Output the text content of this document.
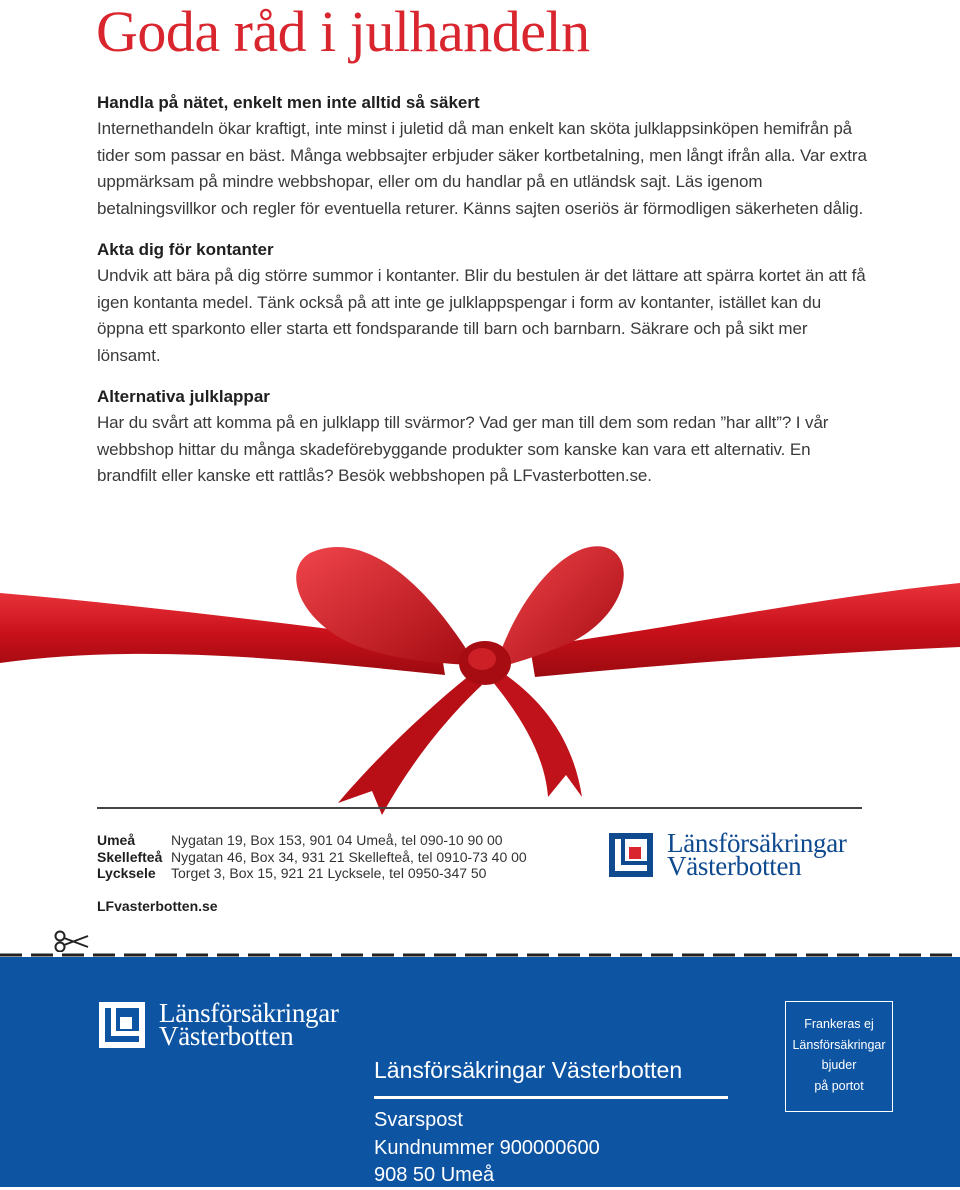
Goda råd i julhandeln
Handla på nätet, enkelt men inte alltid så säkert

Internethandeln ökar kraftigt, inte minst i juletid då man enkelt kan sköta julklappsinköpen hemifrån på tider som passar en bäst. Många webbsajter erbjuder säker kortbetalning, men långt ifrån alla. Var extra uppmärksam på mindre webbshopar, eller om du handlar på en utländsk sajt. Läs igenom betalningsvillkor och regler för eventuella returer. Känns sajten oseriös är förmodligen säkerheten dålig.

Akta dig för kontanter

Undvik att bära på dig större summor i kontanter. Blir du bestulen är det lättare att spärra kortet än att få igen kontanta medel. Tänk också på att inte ge julklappspengar i form av kontanter, istället kan du öppna ett sparkonto eller starta ett fondsparande till barn och barnbarn. Säkrare och på sikt mer lönsamt.

Alternativa julklappar

Har du svårt att komma på en julklapp till svärmor? Vad ger man till dem som redan ”har allt”? I vår webbshop hittar du många skadeförebyggande produkter som kanske kan vara ett alternativ. En brandfilt eller kanske ett rattlås? Besök webbshopen på LFvasterbotten.se.

Umeå	Nygatan 19, Box 153, 901 04 Umeå, tel 090-10 90 00
Skellefteå Nygatan 46, Box 34, 931 21 Skellefteå, tel 0910-73 40 00
Lycksele	Torget 3, Box 15, 921 21 Lycksele, tel 0950-347 50
LFvasterbotten.se
Länsförsäkringar
Västerbotten
Länsförsäkringar
Västerbotten
Länsförsäkringar Västerbotten
Svarspost
Kundnummer 900000600
908 50 Umeå
Frankeras ej
Länsförsäkringar
bjuder
på portot
